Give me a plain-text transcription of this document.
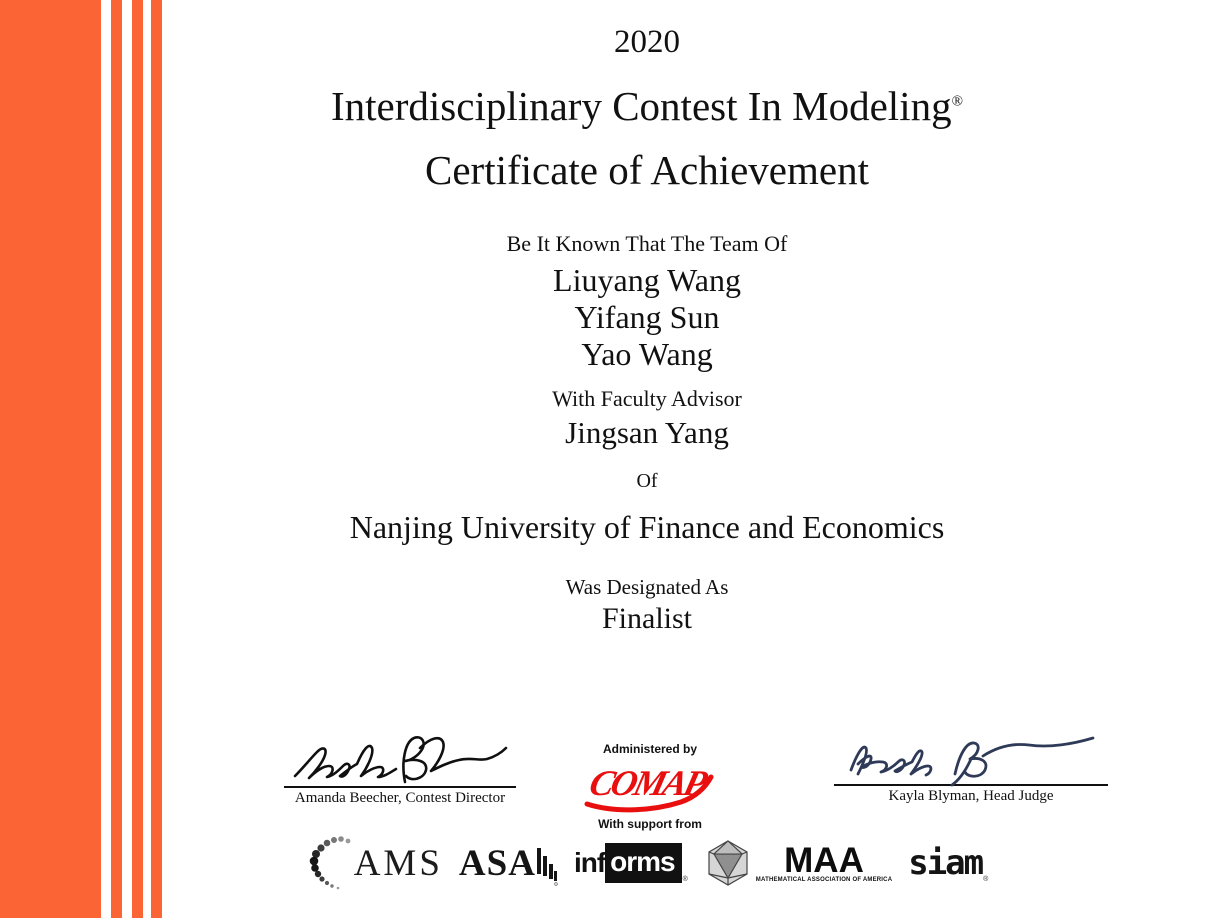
2020
Interdisciplinary Contest In Modeling®
Certificate of Achievement
Be It Known That The Team Of
Liuyang Wang
Yifang Sun
Yao Wang
With Faculty Advisor
Jingsan Yang
Of
Nanjing University of Finance and Economics
Was Designated As
Finalist
Amanda Beecher, Contest Director	Kayla Blyman, Head Judge
Administered by
COMAP
With support from
AMS ASA inf orms
®	MAA
MATHEMATICAL ASSOCIATION OF AMERICA siam ®
